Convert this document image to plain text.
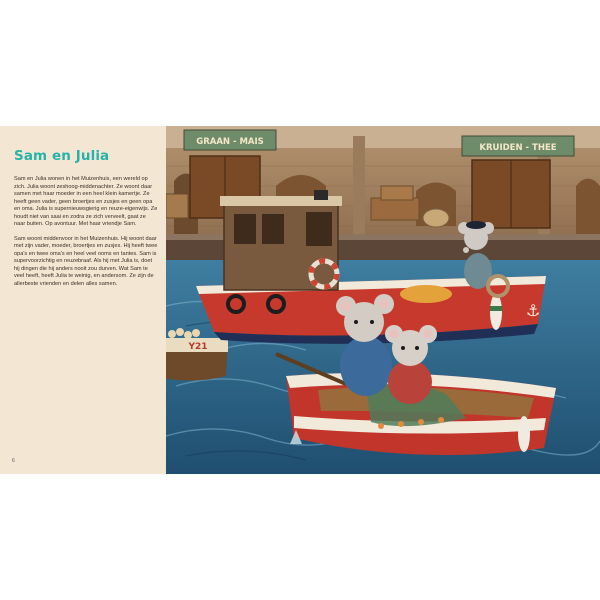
Sam en Julia

Sam en Julia wonen in het Muizenhuis, een wereld op zich. Julia woont zeshoog-middenachter. Ze woont daar samen met haar moeder in een heel klein kamertje. Ze heeft geen vader, geen broertjes en zusjes en geen opa en oma. Julia is supernieuwsgierig en reuze-eigenwijs. Ze houdt niet van saai en zodra ze zich verveelt, gaat ze naar buiten. Op avontuur. Met haar vriendje Sam.

Sam woont middenvoor in het Muizenhuis. Hij woont daar met zijn vader, moeder, broertjes en zusjes. Hij heeft twee opa's en twee oma's en heel veel ooms en tantes. Sam is supervoorzichtig en reuzebraaf. Als hij met Julia is, doet hij dingen die hij anders nooit zou durven. Wat Sam te veel heeft, heeft Julia te weinig, en andersom. Ze zijn de allerbeste vrienden en delen alles samen.

6
GRAAN - MAIS
KRUIDEN - THEE
Y21
⚓
